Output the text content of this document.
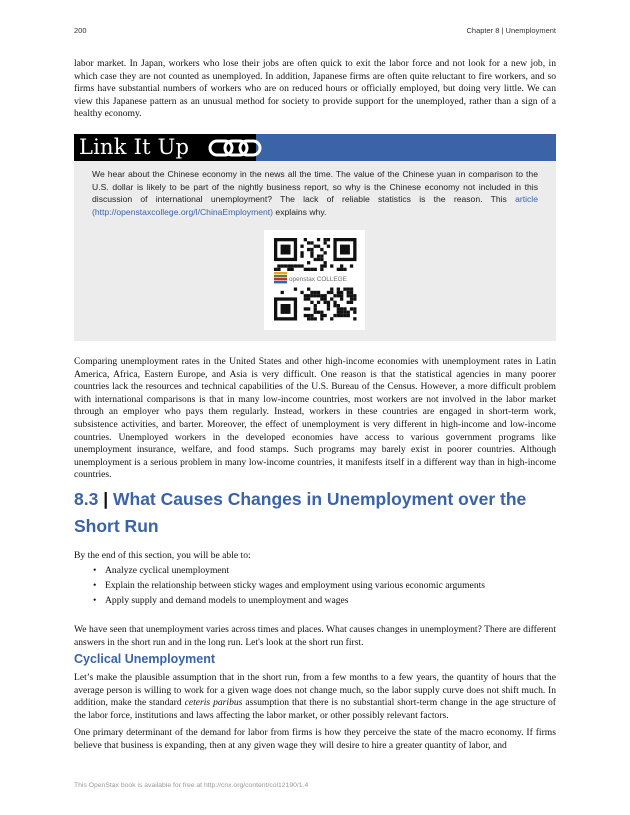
200	Chapter 8 | Unemployment

labor market. In Japan, workers who lose their jobs are often quick to exit the labor force and not look for a new job, in which case they are not counted as unemployed. In addition, Japanese firms are often quite reluctant to fire workers, and so firms have substantial numbers of workers who are on reduced hours or officially employed, but doing very little. We can view this Japanese pattern as an unusual method for society to provide support for the unemployed, rather than a sign of a healthy economy.

Link It Up

We hear about the Chinese economy in the news all the time. The value of the Chinese yuan in comparison to the U.S. dollar is likely to be part of the nightly business report, so why is the Chinese economy not included in this discussion of international unemployment? The lack of reliable statistics is the reason. This article (http://openstaxcollege.org/l/ChinaEmployment) explains why.

openstax COLLEGE

Comparing unemployment rates in the United States and other high-income economies with unemployment rates in Latin America, Africa, Eastern Europe, and Asia is very difficult. One reason is that the statistical agencies in many poorer countries lack the resources and technical capabilities of the U.S. Bureau of the Census. However, a more difficult problem with international comparisons is that in many low-income countries, most workers are not involved in the labor market through an employer who pays them regularly. Instead, workers in these countries are engaged in short-term work, subsistence activities, and barter. Moreover, the effect of unemployment is very different in high-income and low-income countries. Unemployed workers in the developed economies have access to various government programs like unemployment insurance, welfare, and food stamps. Such programs may barely exist in poorer countries. Although unemployment is a serious problem in many low-income countries, it manifests itself in a different way than in high-income countries.

8.3 | What Causes Changes in Unemployment over the Short Run

By the end of this section, you will be able to:

• Analyze cyclical unemployment
• Explain the relationship between sticky wages and employment using various economic arguments
• Apply supply and demand models to unemployment and wages

We have seen that unemployment varies across times and places. What causes changes in unemployment? There are different answers in the short run and in the long run. Let's look at the short run first.

Cyclical Unemployment

Let’s make the plausible assumption that in the short run, from a few months to a few years, the quantity of hours that the average person is willing to work for a given wage does not change much, so the labor supply curve does not shift much. In addition, make the standard ceteris paribus assumption that there is no substantial short-term change in the age structure of the labor force, institutions and laws affecting the labor market, or other possibly relevant factors.

One primary determinant of the demand for labor from firms is how they perceive the state of the macro economy. If firms believe that business is expanding, then at any given wage they will desire to hire a greater quantity of labor, and

This OpenStax book is available for free at http://cnx.org/content/col12190/1.4
